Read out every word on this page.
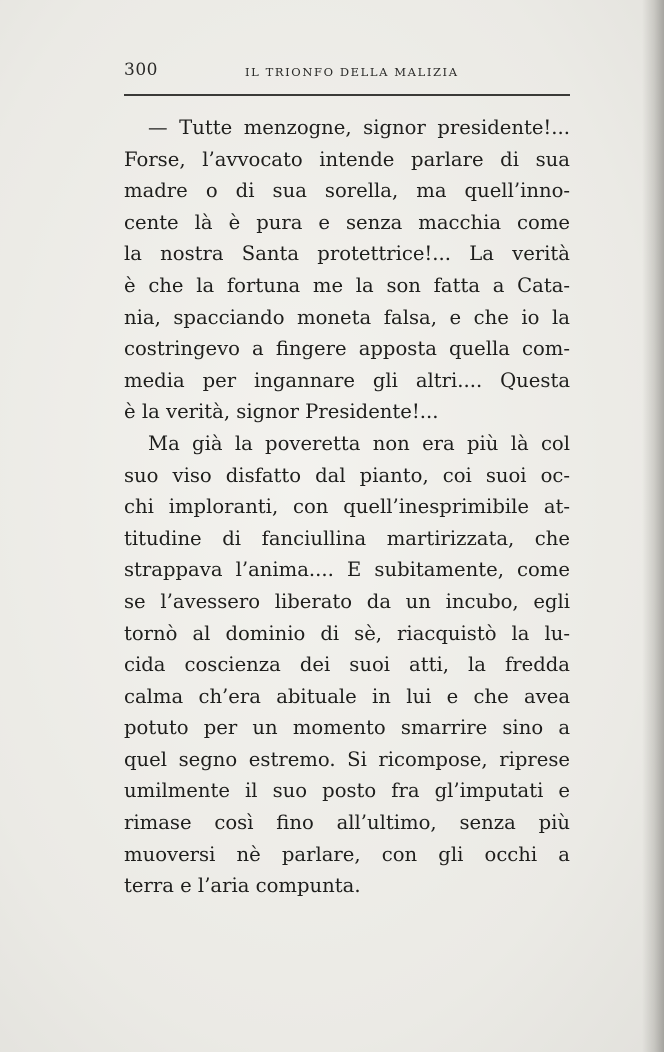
300	IL TRIONFO DELLA MALIZIA

— Tutte menzogne, signor presidente!...
Forse, l’avvocato intende parlare di sua
madre o di sua sorella, ma quell’inno-
cente là è pura e senza macchia come
la nostra Santa protettrice!... La verità
è che la fortuna me la son fatta a Cata-
nia, spacciando moneta falsa, e che io la
costringevo a fingere apposta quella com-
media per ingannare gli altri.... Questa
è la verità, signor Presidente!...

Ma già la poveretta non era più là col
suo viso disfatto dal pianto, coi suoi oc-
chi imploranti, con quell’inesprimibile at-
titudine di fanciullina martirizzata, che
strappava l’anima.... E subitamente, come
se l’avessero liberato da un incubo, egli
tornò al dominio di sè, riacquistò la lu-
cida coscienza dei suoi atti, la fredda
calma ch’era abituale in lui e che avea
potuto per un momento smarrire sino a
quel segno estremo. Si ricompose, riprese
umilmente il suo posto fra gl’imputati e
rimase così fino all’ultimo, senza più
muoversi nè parlare, con gli occhi a
terra e l’aria compunta.
